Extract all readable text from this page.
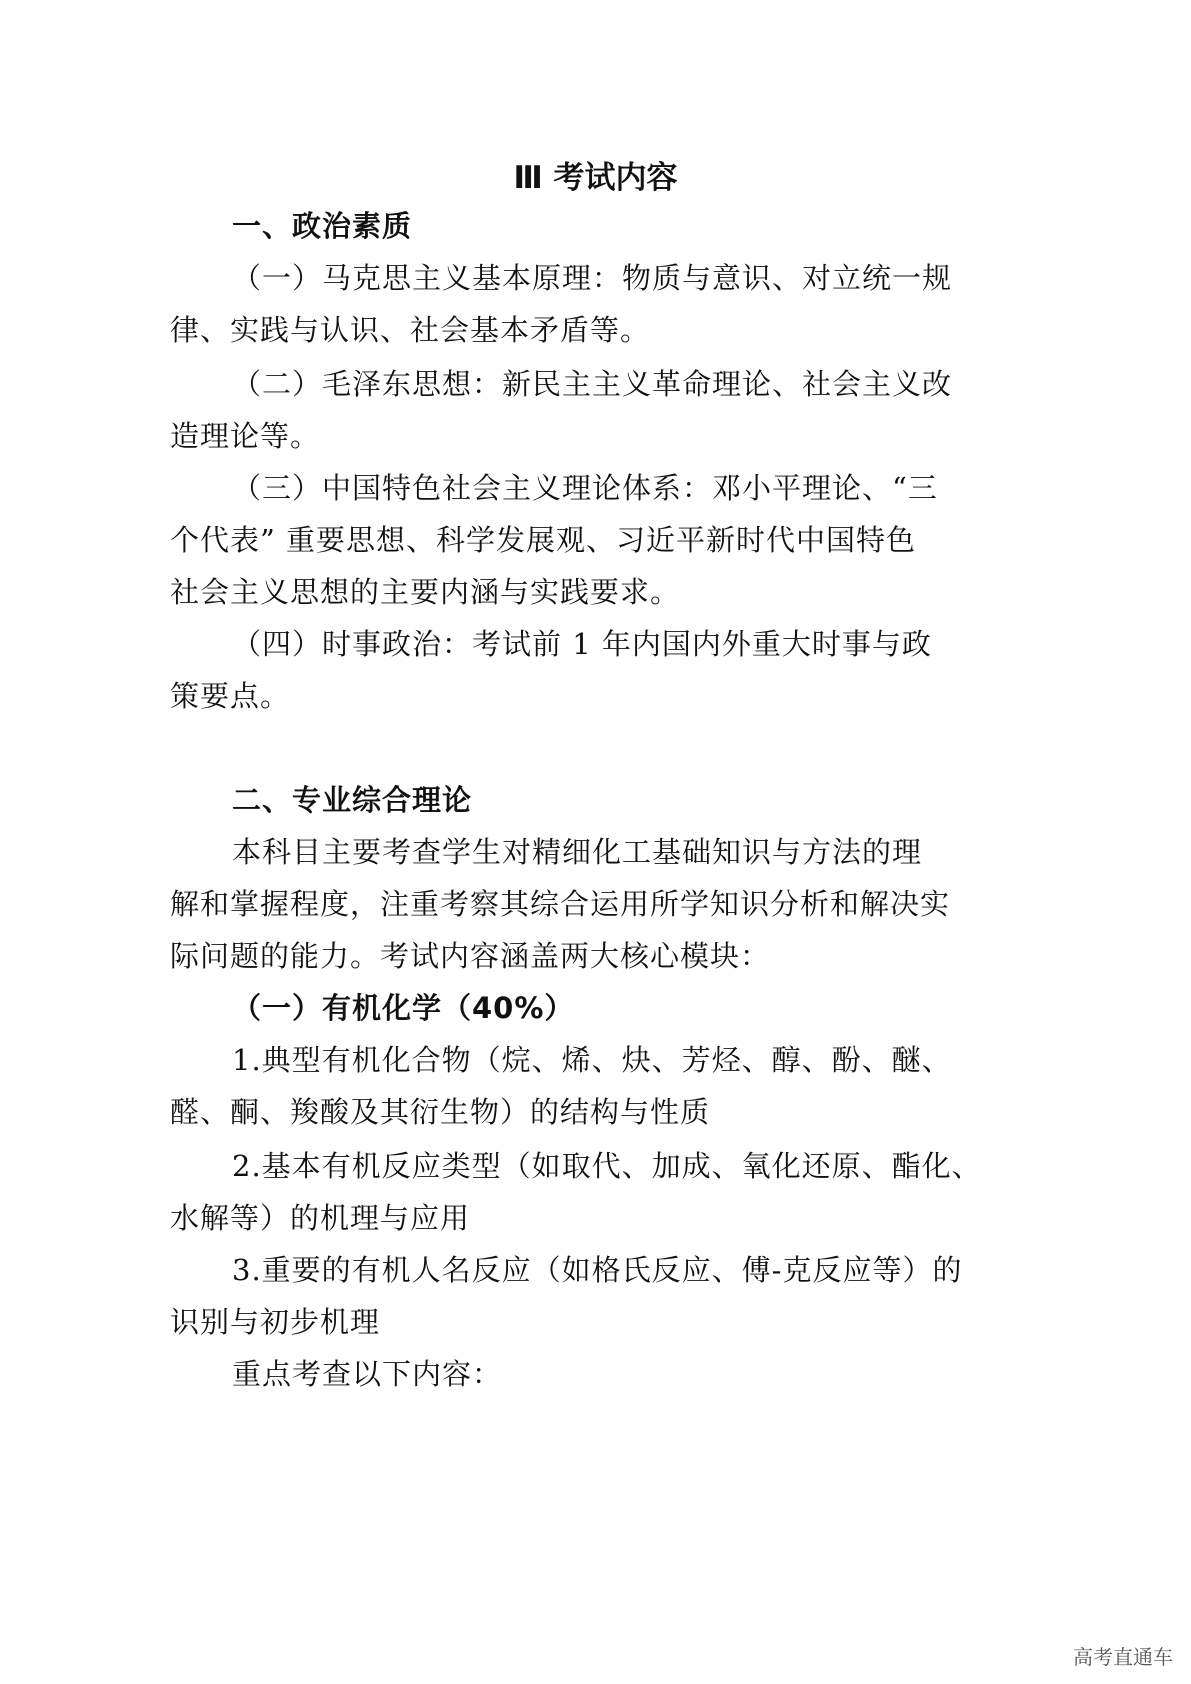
Ⅲ 考试内容
一、政治素质
（一）马克思主义基本原理：物质与意识、对立统一规
律、实践与认识、社会基本矛盾等。
（二）毛泽东思想：新民主主义革命理论、社会主义改
造理论等。
（三）中国特色社会主义理论体系：邓小平理论、“三
个代表” 重要思想、科学发展观、习近平新时代中国特色
社会主义思想的主要内涵与实践要求。
（四）时事政治：考试前 1 年内国内外重大时事与政
策要点。
二、专业综合理论
本科目主要考查学生对精细化工基础知识与方法的理
解和掌握程度，注重考察其综合运用所学知识分析和解决实
际问题的能力。考试内容涵盖两大核心模块：
（一）有机化学（40%）
1.典型有机化合物（烷、烯、炔、芳烃、醇、酚、醚、
醛、酮、羧酸及其衍生物）的结构与性质
2.基本有机反应类型（如取代、加成、氧化还原、酯化、
水解等）的机理与应用
3.重要的有机人名反应（如格氏反应、傅-克反应等）的
识别与初步机理
重点考查以下内容：
高考直通车
